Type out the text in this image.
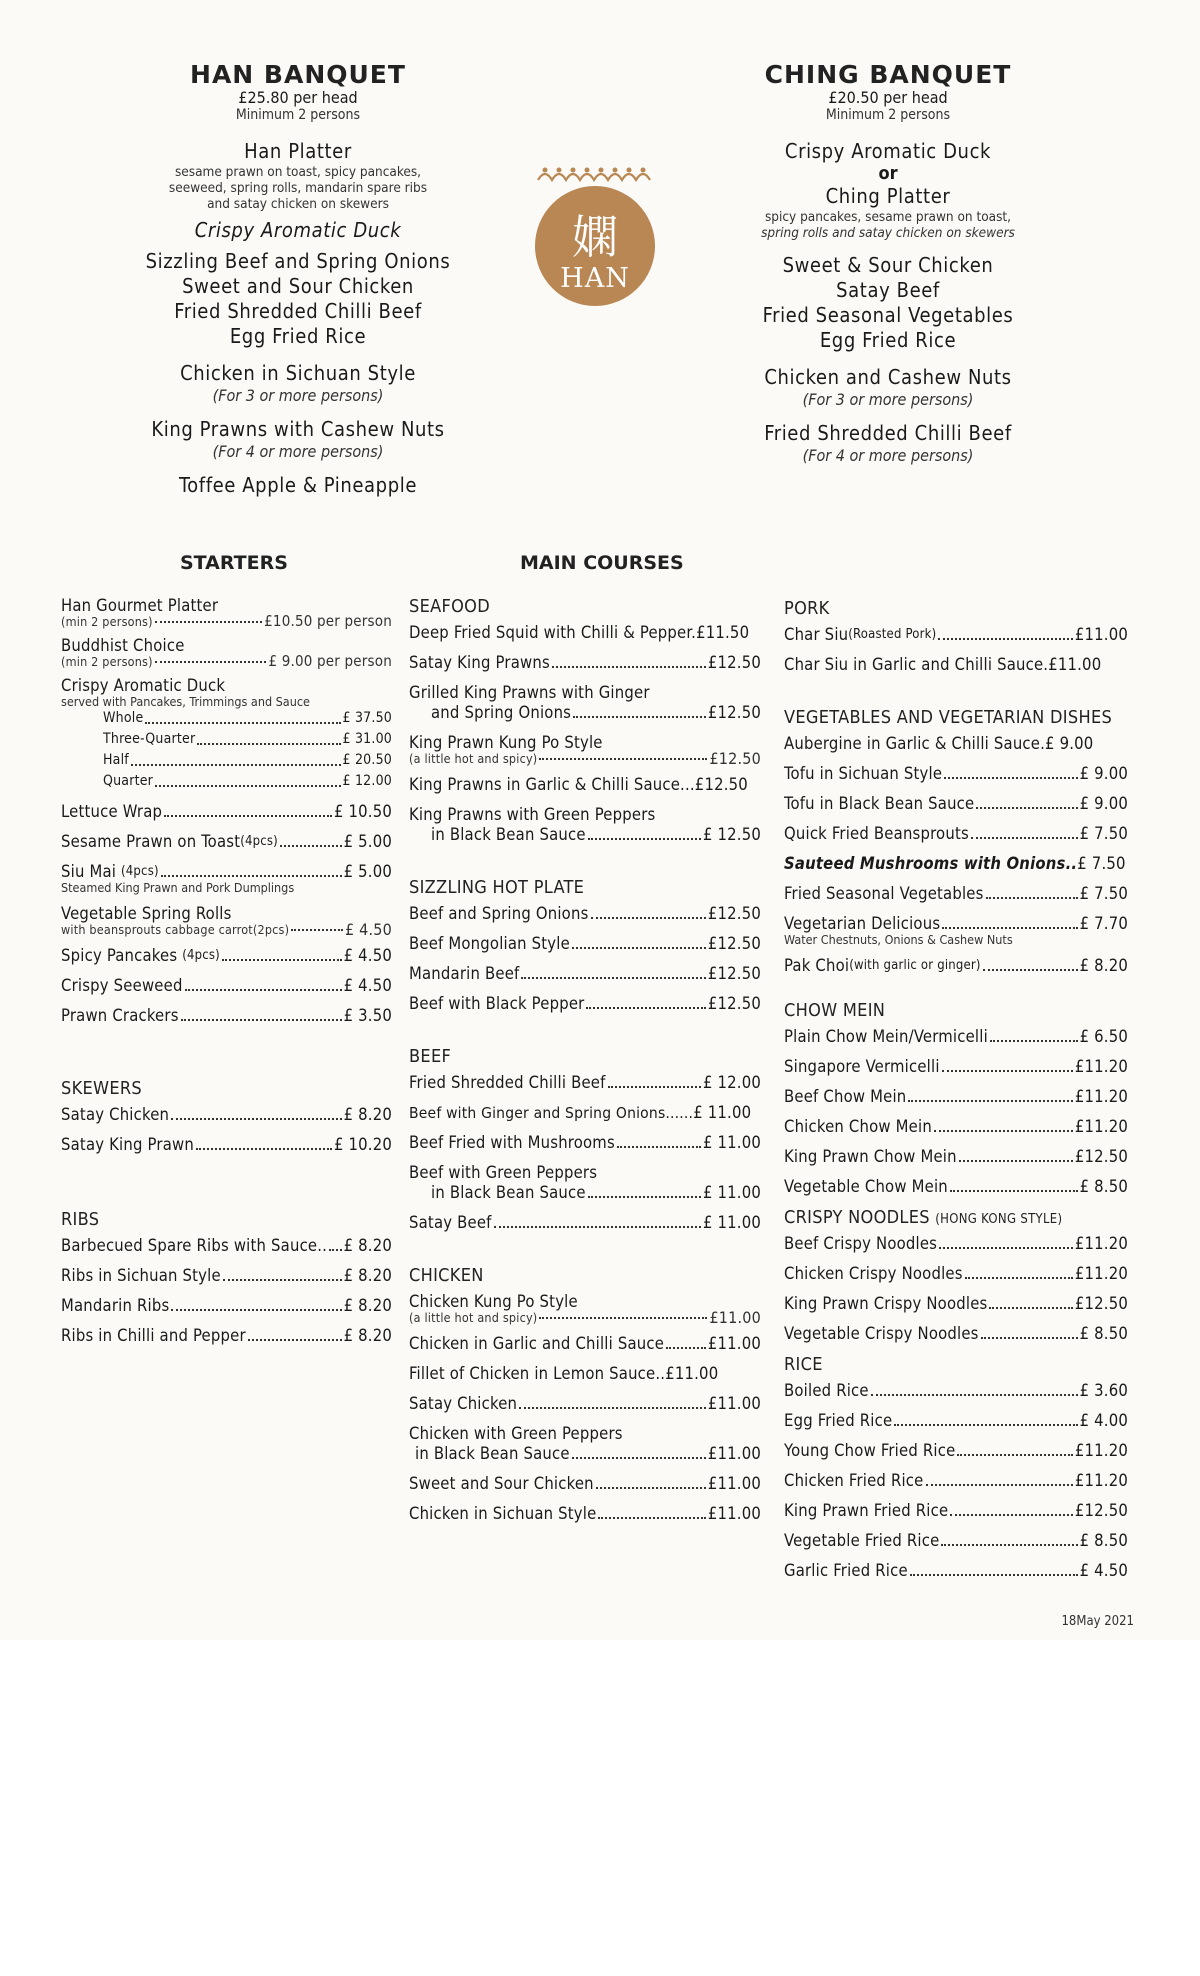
HAN BANQUET
£25.80 per head
Minimum 2 persons
Han Platter
sesame prawn on toast, spicy pancakes,
seeweed, spring rolls, mandarin spare ribs
and satay chicken on skewers
Crispy Aromatic Duck
Sizzling Beef and Spring Onions
Sweet and Sour Chicken
Fried Shredded Chilli Beef
Egg Fried Rice
Chicken in Sichuan Style
(For 3 or more persons)
King Prawns with Cashew Nuts
(For 4 or more persons)
Toffee Apple & Pineapple
嫻
HAN
CHING BANQUET
£20.50 per head
Minimum 2 persons
Crispy Aromatic Duck
or
Ching Platter
spicy pancakes, sesame prawn on toast,
spring rolls and satay chicken on skewers
Sweet & Sour Chicken
Satay Beef
Fried Seasonal Vegetables
Egg Fried Rice
Chicken and Cashew Nuts
(For 3 or more persons)
Fried Shredded Chilli Beef
(For 4 or more persons)
STARTERS	MAIN COURSES
Han Gourmet Platter
(min 2 persons)	£10.50 per person
Buddhist Choice
(min 2 persons)	£ 9.00 per person
Crispy Aromatic Duck
served with Pancakes, Trimmings and Sauce
Whole	£ 37.50
Three-Quarter	£ 31.00
Half	£ 20.50
Quarter	£ 12.00
Lettuce Wrap	£ 10.50
Sesame Prawn on Toast (4pcs)	£ 5.00
Siu Mai
(4pcs)	£ 5.00
Steamed King Prawn and Pork Dumplings
Vegetable Spring Rolls
with beansprouts cabbage carrot(2pcs)	£ 4.50
Spicy Pancakes
(4pcs)	£ 4.50
Crispy Seeweed	£ 4.50
Prawn Crackers	£ 3.50
SKEWERS
Satay Chicken	£ 8.20
Satay King Prawn	£ 10.20
RIBS
Barbecued Spare Ribs with Sauce.. £ 8.20
Ribs in Sichuan Style	£ 8.20
Mandarin Ribs	£ 8.20
Ribs in Chilli and Pepper	£ 8.20
SEAFOOD
Deep Fried Squid with Chilli & Pepper. £11.50
Satay King Prawns	£12.50
Grilled King Prawns with Ginger
and Spring Onions	£12.50
King Prawn Kung Po Style
(a little hot and spicy)	£12.50
King Prawns in Garlic & Chilli Sauce... £12.50
King Prawns with Green Peppers
in Black Bean Sauce	£ 12.50
SIZZLING HOT PLATE
Beef and Spring Onions	£12.50
Beef Mongolian Style	£12.50
Mandarin Beef	£12.50
Beef with Black Pepper	£12.50
BEEF
Fried Shredded Chilli Beef	£ 12.00
Beef with Ginger and Spring Onions...... £ 11.00
Beef Fried with Mushrooms	£ 11.00
Beef with Green Peppers
in Black Bean Sauce	£ 11.00
Satay Beef	£ 11.00
CHICKEN
Chicken Kung Po Style
(a little hot and spicy)	£11.00
Chicken in Garlic and Chilli Sauce	£11.00
Fillet of Chicken in Lemon Sauce.. £11.00
Satay Chicken	£11.00
Chicken with Green Peppers
in Black Bean Sauce	£11.00
Sweet and Sour Chicken	£11.00
Chicken in Sichuan Style	£11.00
PORK
Char Siu (Roasted Pork)	£11.00
Char Siu in Garlic and Chilli Sauce. £11.00
VEGETABLES AND VEGETARIAN DISHES
Aubergine in Garlic & Chilli Sauce. £ 9.00
Tofu in Sichuan Style	£ 9.00
Tofu in Black Bean Sauce	£ 9.00
Quick Fried Beansprouts	£ 7.50
Sauteed Mushrooms with Onions.. £ 7.50
Fried Seasonal Vegetables	£ 7.50
Vegetarian Delicious	£ 7.70
Water Chestnuts, Onions & Cashew Nuts
Pak Choi (with garlic or ginger)	£ 8.20
CHOW MEIN
Plain Chow Mein/Vermicelli	£ 6.50
Singapore Vermicelli	£11.20
Beef Chow Mein	£11.20
Chicken Chow Mein	£11.20
King Prawn Chow Mein	£12.50
Vegetable Chow Mein	£ 8.50
CRISPY NOODLES (HONG KONG STYLE)
Beef Crispy Noodles	£11.20
Chicken Crispy Noodles	£11.20
King Prawn Crispy Noodles	£12.50
Vegetable Crispy Noodles	£ 8.50
RICE
Boiled Rice	£ 3.60
Egg Fried Rice	£ 4.00
Young Chow Fried Rice	£11.20
Chicken Fried Rice	£11.20
King Prawn Fried Rice	£12.50
Vegetable Fried Rice	£ 8.50
Garlic Fried Rice	£ 4.50
18May 2021
